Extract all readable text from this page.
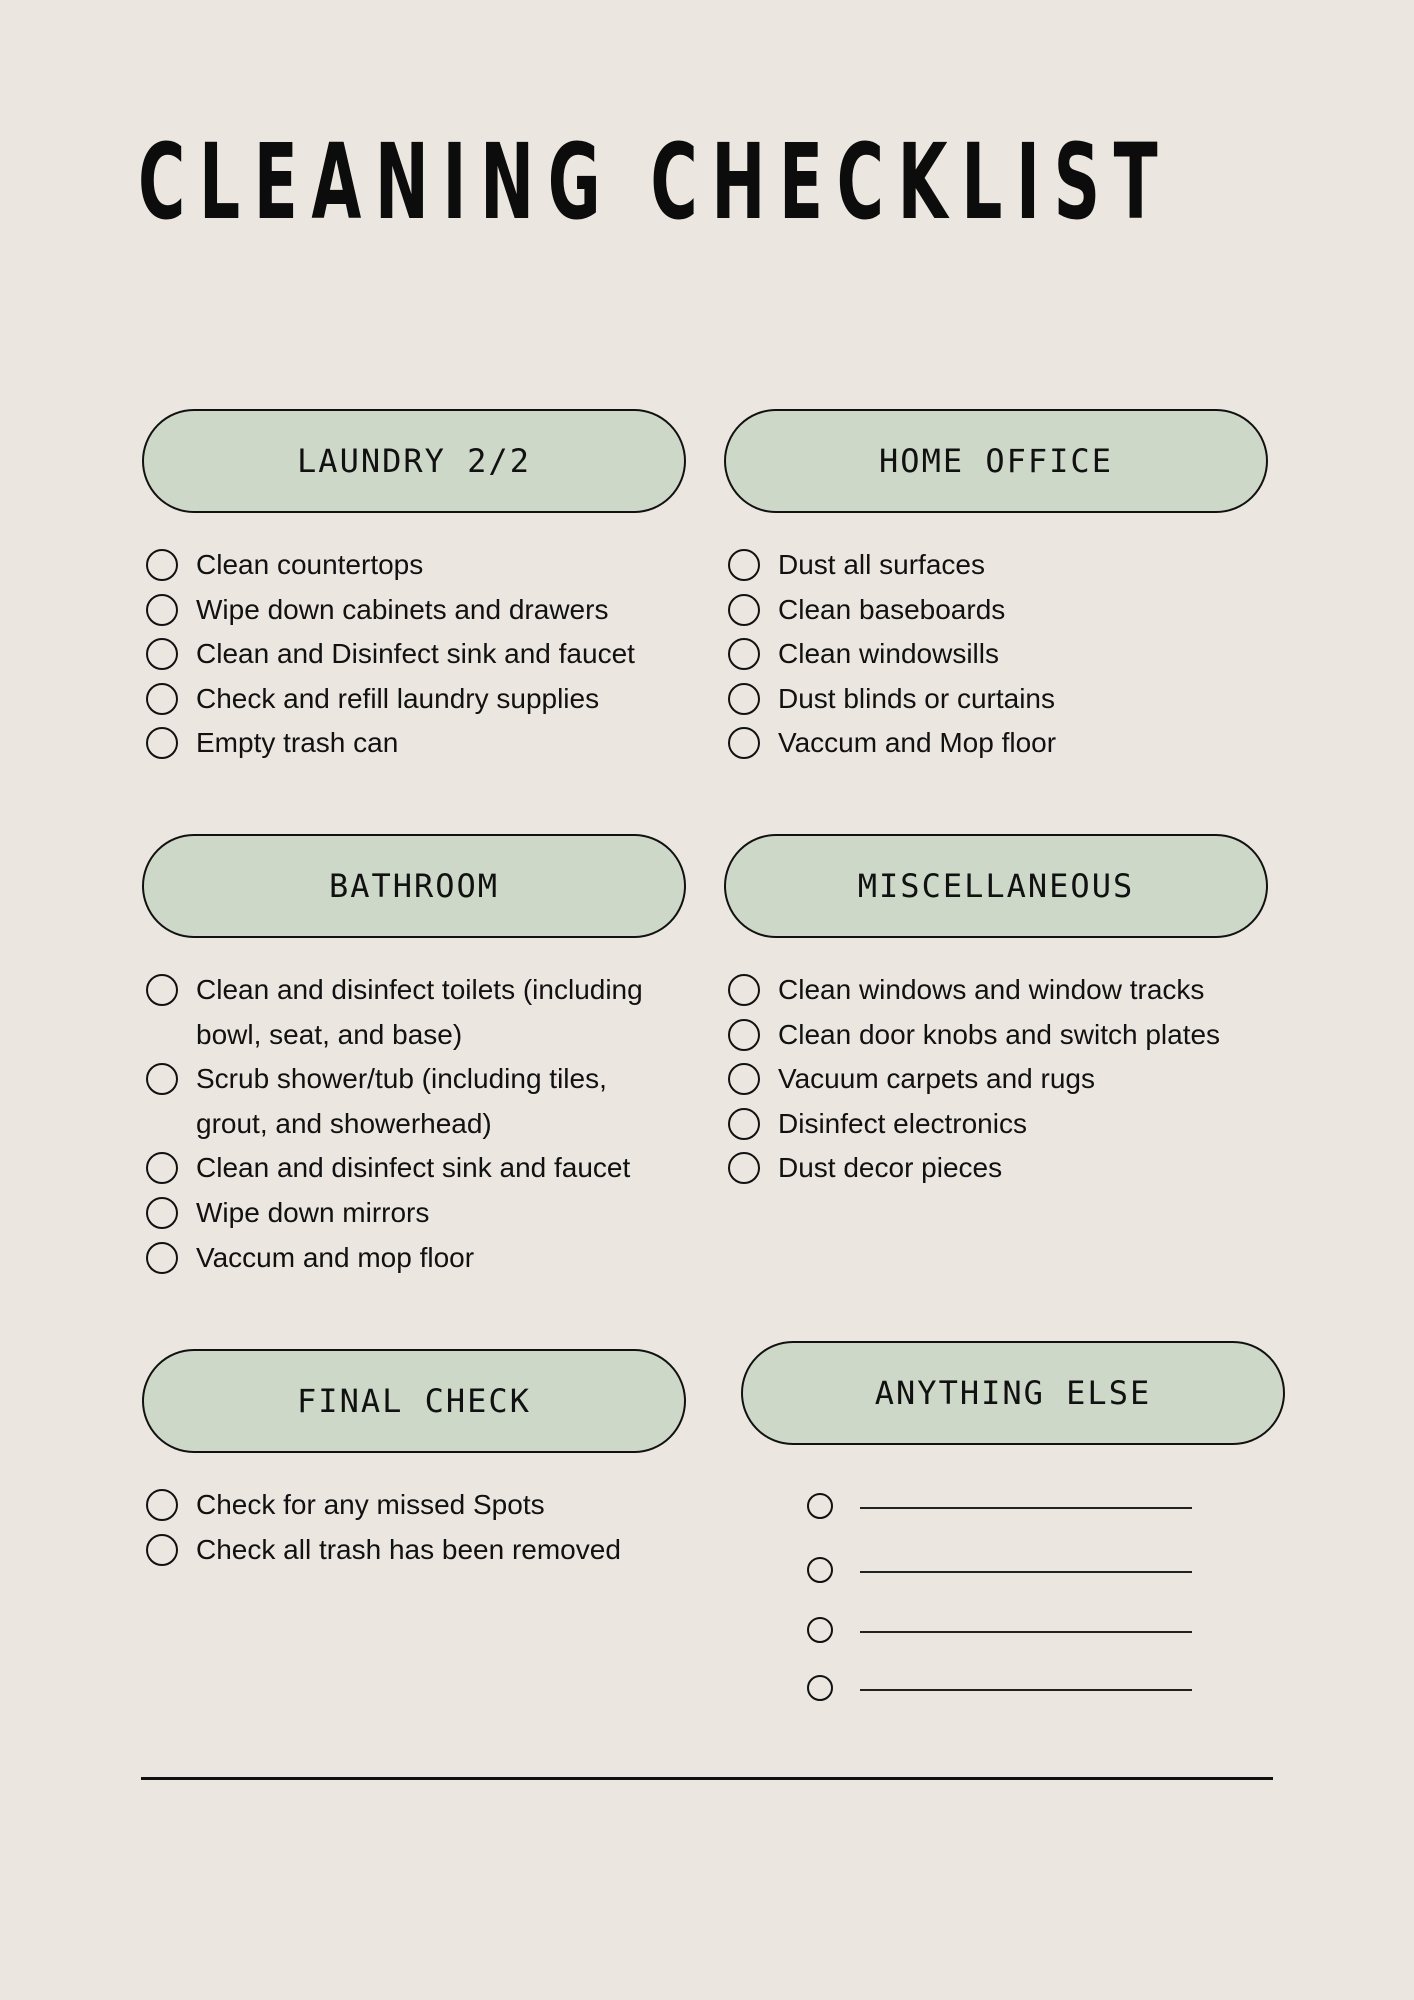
CLEANING CHECKLIST
LAUNDRY 2/2
Clean countertops
Wipe down cabinets and drawers
Clean and Disinfect sink and faucet
Check and refill laundry supplies
Empty trash can
HOME OFFICE
Dust all surfaces
Clean baseboards
Clean windowsills
Dust blinds or curtains
Vaccum and Mop floor
BATHROOM
Clean and disinfect toilets (including bowl, seat, and base)
Scrub shower/tub (including tiles, grout, and showerhead)
Clean and disinfect sink and faucet
Wipe down mirrors
Vaccum and mop floor
MISCELLANEOUS
Clean windows and window tracks
Clean door knobs and switch plates
Vacuum carpets and rugs
Disinfect electronics
Dust decor pieces
FINAL CHECK
Check for any missed Spots
Check all trash has been removed
ANYTHING ELSE
